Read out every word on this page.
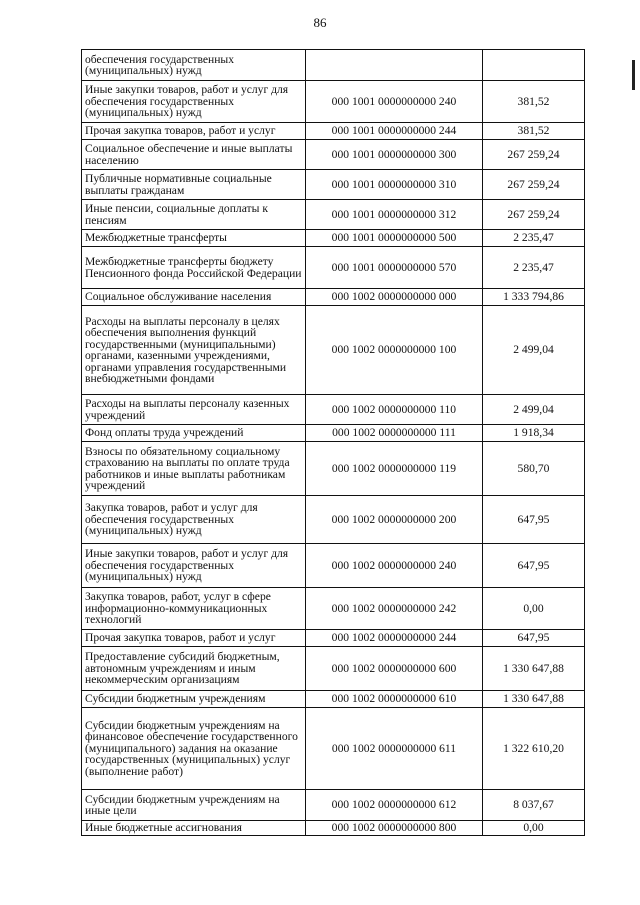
86
обеспечения государственных (муниципальных) нужд		
Иные закупки товаров, работ и услуг для обеспечения государственных (муниципальных) нужд	000 1001 0000000000 240	381,52
Прочая закупка товаров, работ и услуг	000 1001 0000000000 244	381,52
Социальное обеспечение и иные выплаты населению	000 1001 0000000000 300	267 259,24
Публичные нормативные социальные выплаты гражданам	000 1001 0000000000 310	267 259,24
Иные пенсии, социальные доплаты к пенсиям	000 1001 0000000000 312	267 259,24
Межбюджетные трансферты	000 1001 0000000000 500	2 235,47
Межбюджетные трансферты бюджету Пенсионного фонда Российской Федерации	000 1001 0000000000 570	2 235,47
Социальное обслуживание населения	000 1002 0000000000 000	1 333 794,86
Расходы на выплаты персоналу в целях обеспечения выполнения функций государственными (муниципальными) органами, казенными учреждениями, органами управления государственными внебюджетными фондами	000 1002 0000000000 100	2 499,04
Расходы на выплаты персоналу казенных учреждений	000 1002 0000000000 110	2 499,04
Фонд оплаты труда учреждений	000 1002 0000000000 111	1 918,34
Взносы по обязательному социальному страхованию на выплаты по оплате труда работников и иные выплаты работникам учреждений	000 1002 0000000000 119	580,70
Закупка товаров, работ и услуг для обеспечения государственных (муниципальных) нужд	000 1002 0000000000 200	647,95
Иные закупки товаров, работ и услуг для обеспечения государственных (муниципальных) нужд	000 1002 0000000000 240	647,95
Закупка товаров, работ, услуг в сфере информационно-коммуникационных технологий	000 1002 0000000000 242	0,00
Прочая закупка товаров, работ и услуг	000 1002 0000000000 244	647,95
Предоставление субсидий бюджетным, автономным учреждениям и иным некоммерческим организациям	000 1002 0000000000 600	1 330 647,88
Субсидии бюджетным учреждениям	000 1002 0000000000 610	1 330 647,88
Субсидии бюджетным учреждениям на финансовое обеспечение государственного (муниципального) задания на оказание государственных (муниципальных) услуг (выполнение работ)	000 1002 0000000000 611	1 322 610,20
Субсидии бюджетным учреждениям на иные цели	000 1002 0000000000 612	8 037,67
Иные бюджетные ассигнования	000 1002 0000000000 800	0,00
